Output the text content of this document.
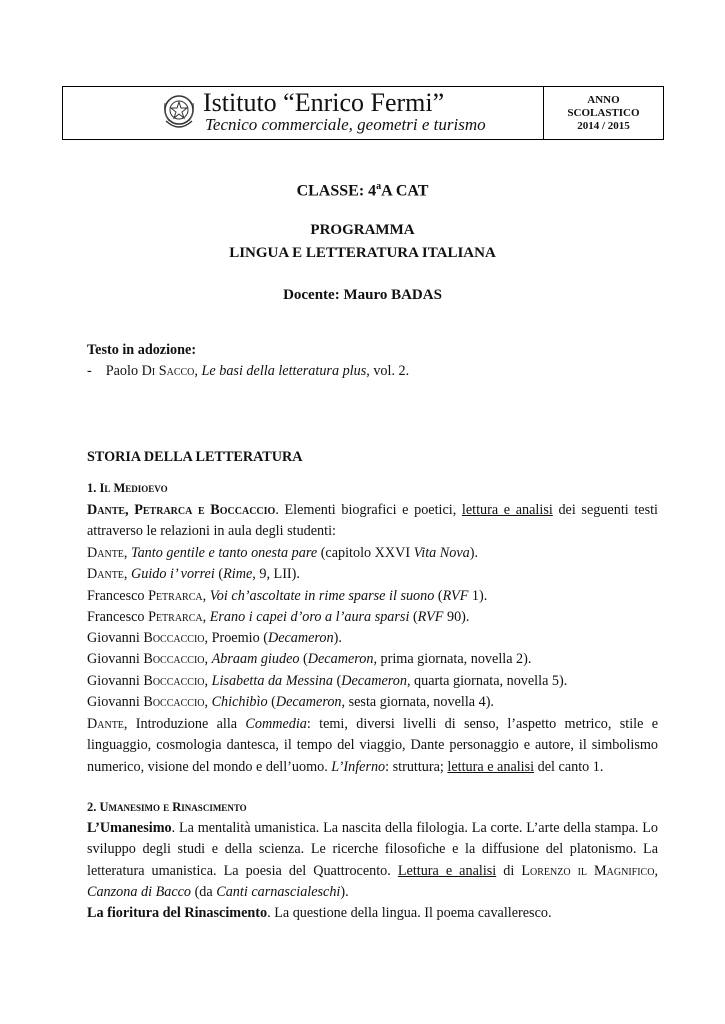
Istituto “Enrico Fermi”
Tecnico commerciale, geometri e turismo
ANNO
SCOLASTICO
2014 / 2015
CLASSE: 4$^a$A CAT
PROGRAMMA
LINGUA E LETTERATURA ITALIANA
Docente: Mauro BADAS
Testo in adozione:
- Paolo Di Sacco, Le basi della letteratura plus, vol. 2.
STORIA DELLA LETTERATURA
1. Il Medioevo
Dante, Petrarca e Boccaccio. Elementi biografici e poetici, lettura e analisi dei seguenti testi attraverso le relazioni in aula degli studenti:
Dante, Tanto gentile e tanto onesta pare (capitolo XXVI Vita Nova).
Dante, Guido i’ vorrei (Rime, 9, LII).
Francesco Petrarca, Voi ch’ascoltate in rime sparse il suono (RVF 1).
Francesco Petrarca, Erano i capei d’oro a l’aura sparsi (RVF 90).
Giovanni Boccaccio, Proemio (Decameron).
Giovanni Boccaccio, Abraam giudeo (Decameron, prima giornata, novella 2).
Giovanni Boccaccio, Lisabetta da Messina (Decameron, quarta giornata, novella 5).
Giovanni Boccaccio, Chichibìo (Decameron, sesta giornata, novella 4).
Dante, Introduzione alla Commedia: temi, diversi livelli di senso, l’aspetto metrico, stile e linguaggio, cosmologia dantesca, il tempo del viaggio, Dante personaggio e autore, il simbolismo numerico, visione del mondo e dell’uomo. L’Inferno: struttura; lettura e analisi del canto 1.
2. Umanesimo e Rinascimento
L’Umanesimo. La mentalità umanistica. La nascita della filologia. La corte. L’arte della stampa. Lo sviluppo degli studi e della scienza. Le ricerche filosofiche e la diffusione del platonismo. La letteratura umanistica. La poesia del Quattrocento. Lettura e analisi di Lorenzo il Magnifico, Canzona di Bacco (da Canti carnascialeschi).
La fioritura del Rinascimento. La questione della lingua. Il poema cavalleresco.
